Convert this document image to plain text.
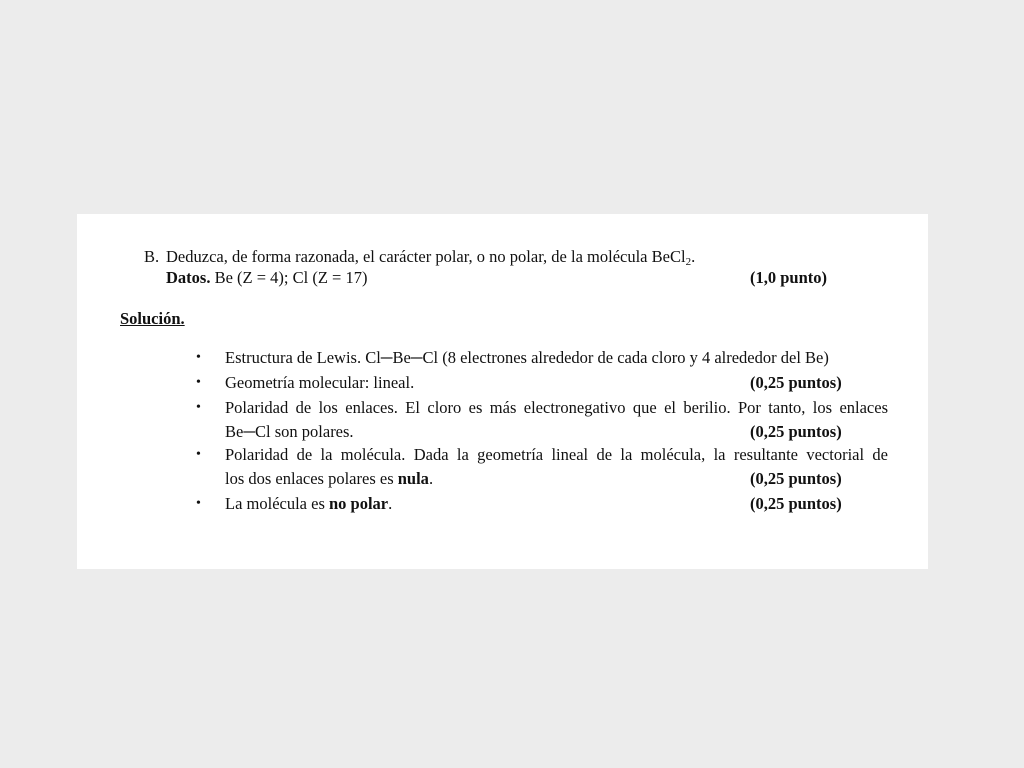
B. Deduzca, de forma razonada, el carácter polar, o no polar, de la molécula BeCl$_2$.
Datos. Be (Z = 4); Cl (Z = 17)	(1,0 punto)
Solución.
• Estructura de Lewis. Cl─Be─Cl (8 electrones alrededor de cada cloro y 4 alrededor del Be)
• Geometría molecular: lineal.	(0,25 puntos)
• Polaridad de los enlaces. El cloro es más electronegativo que el berilio. Por tanto, los enlaces
Be─Cl son polares.	(0,25 puntos)
• Polaridad de la molécula. Dada la geometría lineal de la molécula, la resultante vectorial de
los dos enlaces polares es nula.	(0,25 puntos)
• La molécula es no polar.	(0,25 puntos)
